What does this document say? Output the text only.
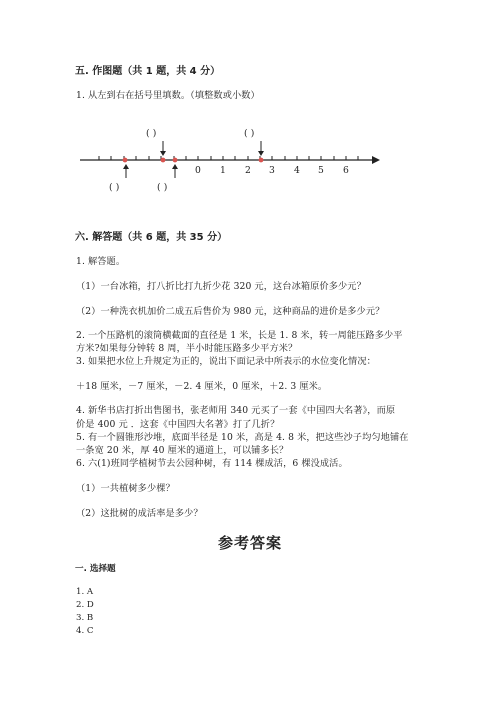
五. 作图题（共 1 题，共 4 分）
1. 从左到右在括号里填数。（填整数或小数）
( )	( )
( )	( )
0 1 2 3 4 5 6
六. 解答题（共 6 题，共 35 分）
1. 解答题。
（1）一台冰箱，打八折比打九折少花 320 元，这台冰箱原价多少元？
（2）一种洗衣机加价二成五后售价为 980 元，这种商品的进价是多少元？
2. 一个压路机的滚筒横截面的直径是 1 米，长是 1. 8 米，转一周能压路多少平
方米?如果每分钟转 8 周，半小时能压路多少平方米？
3. 如果把水位上升规定为正的，说出下面记录中所表示的水位变化情况：
＋18 厘米，－7 厘米，－2. 4 厘米，0 厘米，＋2. 3 厘米。
4. 新华书店打折出售图书，张老师用 340 元买了一套《中国四大名著》，而原
价是 400 元 ．这套《中国四大名著》打了几折？
5. 有一个圆锥形沙堆，底面半径是 10 米，高是 4. 8 米，把这些沙子均匀地铺在
一条宽 20 米，厚 40 厘米的通道上，可以铺多长？
6. 六(1)班同学植树节去公园种树，有 114 棵成活，6 棵没成活。
（1）一共植树多少棵？
（2）这批树的成活率是多少？
参考答案
一. 选择题
1. A
2. D
3. B
4. C
